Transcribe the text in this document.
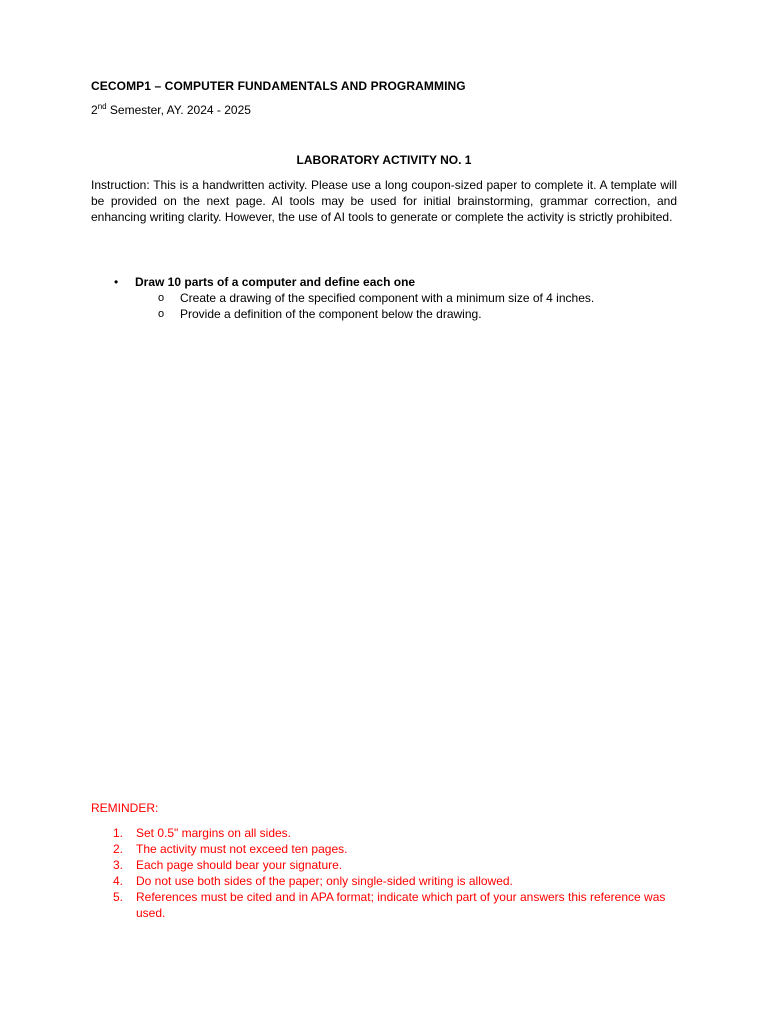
CECOMP1 – COMPUTER FUNDAMENTALS AND PROGRAMMING
2nd Semester, AY. 2024 - 2025
LABORATORY ACTIVITY NO. 1

Instruction: This is a handwritten activity. Please use a long coupon-sized paper to complete it. A template will be provided on the next page. AI tools may be used for initial brainstorming, grammar correction, and enhancing writing clarity. However, the use of AI tools to generate or complete the activity is strictly prohibited.

• Draw 10 parts of a computer and define each one
o Create a drawing of the specified component with a minimum size of 4 inches.
o Provide a definition of the component below the drawing.
REMINDER:
1. Set 0.5" margins on all sides.
2. The activity must not exceed ten pages.
3. Each page should bear your signature.
4. Do not use both sides of the paper; only single-sided writing is allowed.
5. References must be cited and in APA format; indicate which part of your answers this reference was used.
